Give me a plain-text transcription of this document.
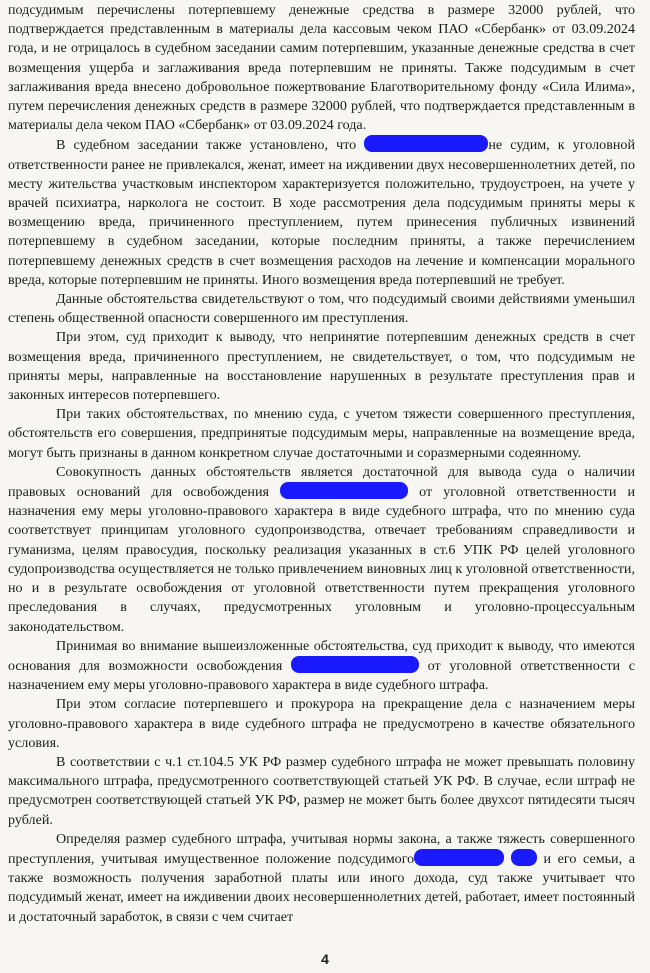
подсудимым перечислены потерпевшему денежные средства в размере 32000 рублей, что подтверждается представленным в материалы дела кассовым чеком ПАО «Сбербанк» от 03.09.2024 года, и не отрицалось в судебном заседании самим потерпевшим, указанные денежные средства в счет возмещения ущерба и заглаживания вреда потерпевшим не приняты. Также подсудимым в счет заглаживания вреда внесено добровольное пожертвование Благотворительному фонду «Сила Илима», путем перечисления денежных средств в размере 32000 рублей, что подтверждается представленным в материалы дела чеком ПАО «Сбербанк» от 03.09.2024 года.

В судебном заседании также установлено, что	не судим, к уголовной ответственности ранее не привлекался, женат, имеет на иждивении двух несовершеннолетних детей, по месту жительства участковым инспектором характеризуется положительно, трудоустроен, на учете у врачей психиатра, нарколога не состоит. В ходе рассмотрения дела подсудимым приняты меры к возмещению вреда, причиненного преступлением, путем принесения публичных извинений потерпевшему в судебном заседании, которые последним приняты, а также перечислением потерпевшему денежных средств в счет возмещения расходов на лечение и компенсации морального вреда, которые потерпевшим не приняты. Иного возмещения вреда потерпевший не требует.

Данные обстоятельства свидетельствуют о том, что подсудимый своими действиями уменьшил степень общественной опасности совершенного им преступления.

При этом, суд приходит к выводу, что непринятие потерпевшим денежных средств в счет возмещения вреда, причиненного преступлением, не свидетельствует, о том, что подсудимым не приняты меры, направленные на восстановление нарушенных в результате преступления прав и законных интересов потерпевшего.

При таких обстоятельствах, по мнению суда, с учетом тяжести совершенного преступления, обстоятельств его совершения, предпринятые подсудимым меры, направленные на возмещение вреда, могут быть признаны в данном конкретном случае достаточными и соразмерными содеянному.

Совокупность данных обстоятельств является достаточной для вывода суда о наличии правовых оснований для освобождения	от уголовной ответственности и назначения ему меры уголовно-правового характера в виде судебного штрафа, что по мнению суда соответствует принципам уголовного судопроизводства, отвечает требованиям справедливости и гуманизма, целям правосудия, поскольку реализация указанных в ст.6 УПК РФ целей уголовного судопроизводства осуществляется не только привлечением виновных лиц к уголовной ответственности, но и в результате освобождения от уголовной ответственности путем прекращения уголовного преследования в случаях, предусмотренных уголовным и уголовно-процессуальным законодательством.

Принимая во внимание вышеизложенные обстоятельства, суд приходит к выводу, что имеются основания для возможности освобождения	от уголовной ответственности с назначением ему меры уголовно-правового характера в виде судебного штрафа.

При этом согласие потерпевшего и прокурора на прекращение дела с назначением меры уголовно-правового характера в виде судебного штрафа не предусмотрено в качестве обязательного условия.

В соответствии с ч.1 ст.104.5 УК РФ размер судебного штрафа не может превышать половину максимального штрафа, предусмотренного соответствующей статьей УК РФ. В случае, если штраф не предусмотрен соответствующей статьей УК РФ, размер не может быть более двухсот пятидесяти тысяч рублей.

Определяя размер судебного штрафа, учитывая нормы закона, а также тяжесть совершенного преступления, учитывая имущественное положение подсудимого	и его семьи, а также возможность получения заработной платы или иного дохода, суд также учитывает что подсудимый женат, имеет на иждивении двоих несовершеннолетних детей, работает, имеет постоянный и достаточный заработок, в связи с чем считает

4
